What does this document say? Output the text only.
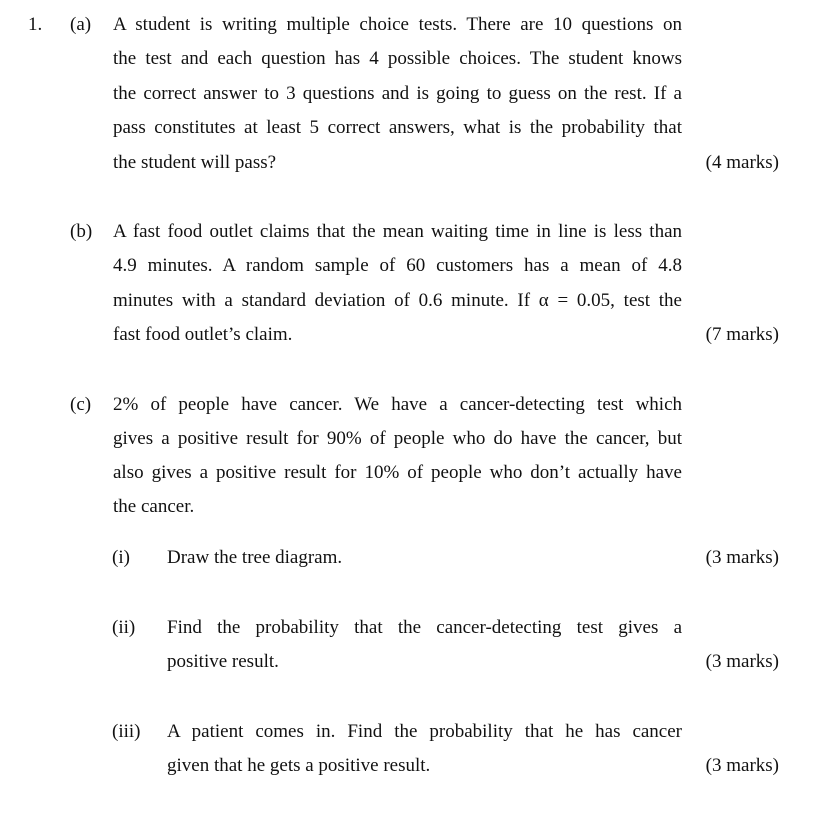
1. (a) A student is writing multiple choice tests. There are 10 questions on
the test and each question has 4 possible choices. The student knows
the correct answer to 3 questions and is going to guess on the rest. If a
pass constitutes at least 5 correct answers, what is the probability that
the student will pass?	(4 marks)
(b) A fast food outlet claims that the mean waiting time in line is less than
4.9 minutes. A random sample of 60 customers has a mean of 4.8
minutes with a standard deviation of 0.6 minute. If α = 0.05, test the
fast food outlet’s claim.	(7 marks)
(c) 2% of people have cancer. We have a cancer-detecting test which
gives a positive result for 90% of people who do have the cancer, but
also gives a positive result for 10% of people who don’t actually have
the cancer.
(i) Draw the tree diagram.	(3 marks)
(ii) Find the probability that the cancer-detecting test gives a
positive result.	(3 marks)
(iii) A patient comes in. Find the probability that he has cancer
given that he gets a positive result.	(3 marks)
